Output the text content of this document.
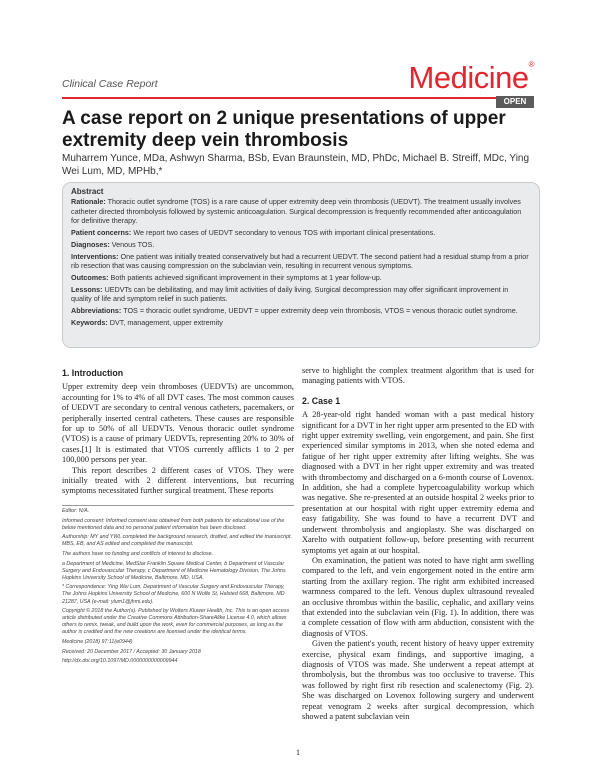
Clinical Case Report	Medicine®
OPEN
A case report on 2 unique presentations of upper extremity deep vein thrombosis
Muharrem Yunce, MDa, Ashwyn Sharma, BSb, Evan Braunstein, MD, PhDc, Michael B. Streiff, MDc, Ying Wei Lum, MD, MPHb,*
Abstract
Rationale: Thoracic outlet syndrome (TOS) is a rare cause of upper extremity deep vein thrombosis (UEDVT). The treatment usually involves catheter directed thrombolysis followed by systemic anticoagulation. Surgical decompression is frequently recommended after anticoagulation for definitive therapy.
Patient concerns: We report two cases of UEDVT secondary to venous TOS with important clinical presentations.
Diagnoses: Venous TOS.
Interventions: One patient was initially treated conservatively but had a recurrent UEDVT. The second patient had a residual stump from a prior rib resection that was causing compression on the subclavian vein, resulting in recurrent venous symptoms.
Outcomes: Both patients achieved significant improvement in their symptoms at 1 year follow-up.
Lessons: UEDVTs can be debilitating, and may limit activities of daily living. Surgical decompression may offer significant improvement in quality of life and symptom relief in such patients.
Abbreviations: TOS = thoracic outlet syndrome, UEDVT = upper extremity deep vein thrombosis, VTOS = venous thoracic outlet syndrome.
Keywords: DVT, management, upper extremity
1. Introduction

Upper extremity deep vein thromboses (UEDVTs) are uncommon, accounting for 1% to 4% of all DVT cases. The most common causes of UEDVT are secondary to central venous catheters, pacemakers, or peripherally inserted central catheters. These causes are responsible for up to 50% of all UEDVTs. Venous thoracic outlet syndrome (VTOS) is a cause of primary UEDVTs, representing 20% to 30% of cases.[1] It is estimated that VTOS currently afflicts 1 to 2 per 100,000 persons per year.

This report describes 2 different cases of VTOS. They were initially treated with 2 different interventions, but recurring symptoms necessitated further surgical treatment. These reports

Editor: N/A.
Informed consent: Informed consent was obtained from both patients for educational use of the below mentioned data and no personal patient information has been disclosed.
Authorship: MY and YWL completed the background research, drafted, and edited the manuscript. MBS, EB, and AS edited and completed the manuscript.
The authors have no funding and conflicts of interest to disclose.
a Department of Medicine, MedStar Franklin Square Medical Center, b Department of Vascular Surgery and Endovascular Therapy, c Department of Medicine Hematology Division, The Johns Hopkins University School of Medicine, Baltimore, MD, USA.
* Correspondence: Ying Wei Lum, Department of Vascular Surgery and Endovascular Therapy, The Johns Hopkins University School of Medicine, 600 N Wolfe St, Halsted 668, Baltimore, MD 21287, USA (e-mail: ylum1@jhmi.edu).
Copyright © 2018 the Author(s). Published by Wolters Kluwer Health, Inc. This is an open access article distributed under the Creative Commons Attribution-ShareAlike License 4.0, which allows others to remix, tweak, and build upon the work, even for commercial purposes, as long as the author is credited and the new creations are licensed under the identical terms.
Medicine (2018) 97:11(e0944)
Received: 20 December 2017 / Accepted: 30 January 2018
http://dx.doi.org/10.1097/MD.0000000000009944

serve to highlight the complex treatment algorithm that is used for managing patients with VTOS.

2. Case 1

A 28-year-old right handed woman with a past medical history significant for a DVT in her right upper arm presented to the ED with right upper extremity swelling, vein engorgement, and pain. She first experienced similar symptoms in 2013, when she noted edema and fatigue of her right upper extremity after lifting weights. She was diagnosed with a DVT in her right upper extremity and was treated with thrombectomy and discharged on a 6-month course of Lovenox. In addition, she had a complete hypercoagulability workup which was negative. She re-presented at an outside hospital 2 weeks prior to presentation at our hospital with right upper extremity edema and easy fatigability. She was found to have a recurrent DVT and underwent thrombolysis and angioplasty. She was discharged on Xarelto with outpatient follow-up, before presenting with recurrent symptoms yet again at our hospital.

On examination, the patient was noted to have right arm swelling compared to the left, and vein engorgement noted in the entire arm starting from the axillary region. The right arm exhibited increased warmness compared to the left. Venous duplex ultrasound revealed an occlusive thrombus within the basilic, cephalic, and axillary veins that extended into the subclavian vein (Fig. 1). In addition, there was a complete cessation of flow with arm abduction, consistent with the diagnosis of VTOS.

Given the patient's youth, recent history of heavy upper extremity exercise, physical exam findings, and supportive imaging, a diagnosis of VTOS was made. She underwent a repeat attempt at thrombolysis, but the thrombus was too occlusive to traverse. This was followed by right first rib resection and scalenectomy (Fig. 2). She was discharged on Lovenox following surgery and underwent repeat venogram 2 weeks after surgical decompression, which showed a patent subclavian vein

1
